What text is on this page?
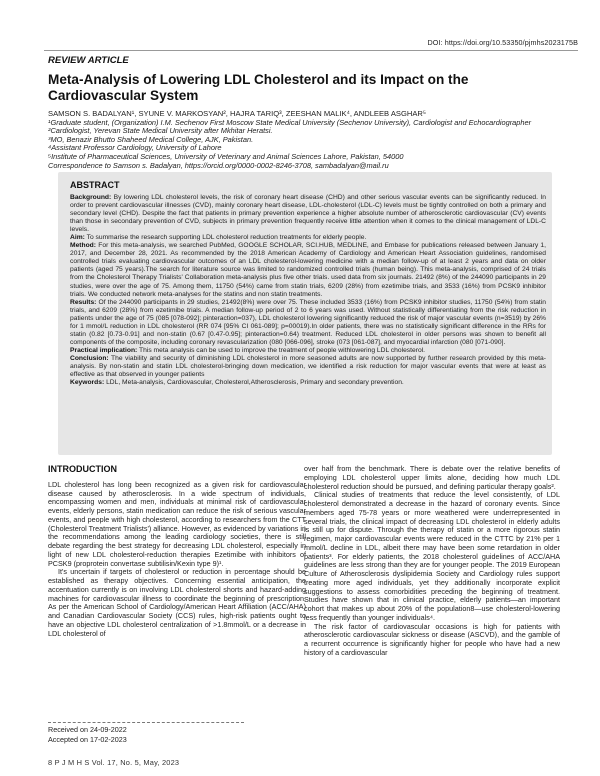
DOI: https://doi.org/10.53350/pjmhs2023175B
REVIEW ARTICLE
Meta-Analysis of Lowering LDL Cholesterol and its Impact on the Cardiovascular System
SAMSON S. BADALYAN¹, SYUNE V. MARKOSYAN², HAJRA TARIQ³, ZEESHAN MALIK⁴, ANDLEEB ASGHAR⁵
¹Graduate student, (Organization) I.M. Sechenov First Moscow State Medical University (Sechenov University), Cardiologist and Echocardiographer
²Cardiologist, Yerevan State Medical University after Mkhitar Heratsi.
³MO, Benazir Bhutto Shaheed Medical College, AJK, Pakistan.
⁴Assistant Professor Cardiology, University of Lahore
⁵Institute of Pharmaceutical Sciences, University of Veterinary and Animal Sciences Lahore, Pakistan, 54000
Correspondence to Samson s. Badalyan, https://orcid.org/0000-0002-8246-3708, sambadalyan@mail.ru
ABSTRACT

Background: By lowering LDL cholesterol levels, the risk of coronary heart disease (CHD) and other serious vascular events can be significantly reduced. In order to prevent cardiovascular illnesses (CVD), mainly coronary heart disease, LDL-cholesterol (LDL-C) levels must be tightly controlled on both a primary and secondary level (CHD). Despite the fact that patients in primary prevention experience a higher absolute number of atherosclerotic cardiovascular (CV) events than those in secondary prevention of CVD, subjects in primary prevention frequently receive little attention when it comes to the clinical management of LDL-C levels.

Aim: To summarise the research supporting LDL cholesterol reduction treatments for elderly people.

Method: For this meta-analysis, we searched PubMed, GOOGLE SCHOLAR, SCI.HUB, MEDLINE, and Embase for publications released between January 1, 2017, and December 28, 2021. As recommended by the 2018 American Academy of Cardiology and American Heart Association guidelines, randomised controlled trials evaluating cardiovascular outcomes of an LDL cholesterol-lowering medicine with a median follow-up of at least 2 years and data on older patients (aged 75 years).The search for literature source was limited to randomized controlled trials (human being). This meta-analysis, comprised of 24 trials from the Cholesterol Therapy Trialists' Collaboration meta-analysis plus five other trials. used data from six journals. 21492 (8%) of the 244090 participants in 29 studies, were over the age of 75. Among them, 11750 (54%) came from statin trials, 6209 (28%) from ezetimibe trials, and 3533 (16%) from PCSK9 inhibitor trials. We conducted network meta-analyses for the statins and non statin treatments.

Results: Of the 244090 participants in 29 studies, 21492(8%) were over 75. These included 3533 (16%) from PCSK9 inhibitor studies, 11750 (54%) from statin trials, and 6209 (28%) from ezetimibe trials. A median follow-up period of 2 to 6 years was used. Without statistically differentiating from the risk reduction in patients under the age of 75 (085 [078-092]; pinteraction=037), LDL cholesterol lowering significantly reduced the risk of major vascular events (n=3519) by 26% for 1 mmol/L reduction in LDL cholesterol (RR 074 [95% CI 061-089]; p=00019).In older patients, there was no statistically significant difference in the RRs for statin (0.82 [0.73-0.91] and non-statin (0.67 [0.47-0.95]; pinteraction=0.64) treatment. Reduced LDL cholesterol in older persons was shown to benefit all components of the composite, including coronary revascularization (080 [066-096], stroke (073 [061-087], and myocardial infarction (080 [071-090].

Practical implication: This meta analysis can be used to improve the treatment of people withlowering LDL cholesterol.

Conclusion: The viability and security of diminishing LDL cholesterol in more seasoned adults are now supported by further research provided by this meta-analysis. By non-statin and statin LDL cholesterol-bringing down medication, we identified a risk reduction for major vascular events that were at least as effective as that observed in younger patients

Keywords: LDL, Meta-analysis, Cardiovascular, Cholesterol,Atherosclerosis, Primary and secondary prevention.

INTRODUCTION

LDL cholesterol has long been recognized as a given risk for cardiovascular disease caused by atherosclerosis. In a wide spectrum of individuals, encompassing women and men, individuals at minimal risk of cardiovascular events, elderly persons, statin medication can reduce the risk of serious vascular events, and people with high cholesterol, according to researchers from the CTT (Cholesterol Treatment Trialists') alliance. However, as evidenced by variations in the recommendations among the leading cardiology societies, there is still debate regarding the best strategy for decreasing LDL cholesterol, especially in light of new LDL cholesterol-reduction therapies Ezetimibe with inhibitors of PCSK9 (proprotein convertase subtilisin/Kexin type 9)¹.

It's uncertain if targets of cholesterol or reduction in percentage should be established as therapy objectives. Concerning essential anticipation, the accentuation currently is on involving LDL cholesterol shorts and hazard-adding machines for cardiovascular illness to coordinate the beginning of prescription. As per the American School of Cardiology/American Heart Affiliation (ACC/AHA) and Canadian Cardiovascular Society (CCS) rules, high-risk patients ought to have an objective LDL cholesterol centralization of >1.8mmol/L or a decrease in LDL cholesterol of

over half from the benchmark. There is debate over the relative benefits of employing LDL cholesterol upper limits alone, deciding how much LDL cholesterol reduction should be pursued, and defining particular therapy goals².

Clinical studies of treatments that reduce the level consistently, of LDL cholesterol demonstrated a decrease in the hazard of coronary events. Since members aged 75-78 years or more weathered were underrepresented in several trials, the clinical impact of decreasing LDL cholesterol in elderly adults is still up for dispute. Through the therapy of statin or a more rigorous statin regimen, major cardiovascular events were reduced in the CTTC by 21% per 1 mmol/L decline in LDL, albeit there may have been some retardation in older patients³. For elderly patients, the 2018 cholesterol guidelines of ACC/AHA guidelines are less strong than they are for younger people. The 2019 European Culture of Atherosclerosis dyslipidemia Society and Cardiology rules support treating more aged individuals, yet they additionally incorporate explicit suggestions to assess comorbidities preceding the beginning of treatment. Studies have shown that in clinical practice, elderly patients—an important cohort that makes up about 20% of the population8—use cholesterol-lowering less frequently than younger individuals⁴.

The risk factor of cardiovascular occasions is high for patients with atherosclerotic cardiovascular sickness or disease (ASCVD), and the gamble of a recurrent occurrence is significantly higher for people who have had a new history of a cardiovascular

Received on 24-09-2022
Accepted on 17-02-2023
8 P J M H S Vol. 17, No. 5, May, 2023
